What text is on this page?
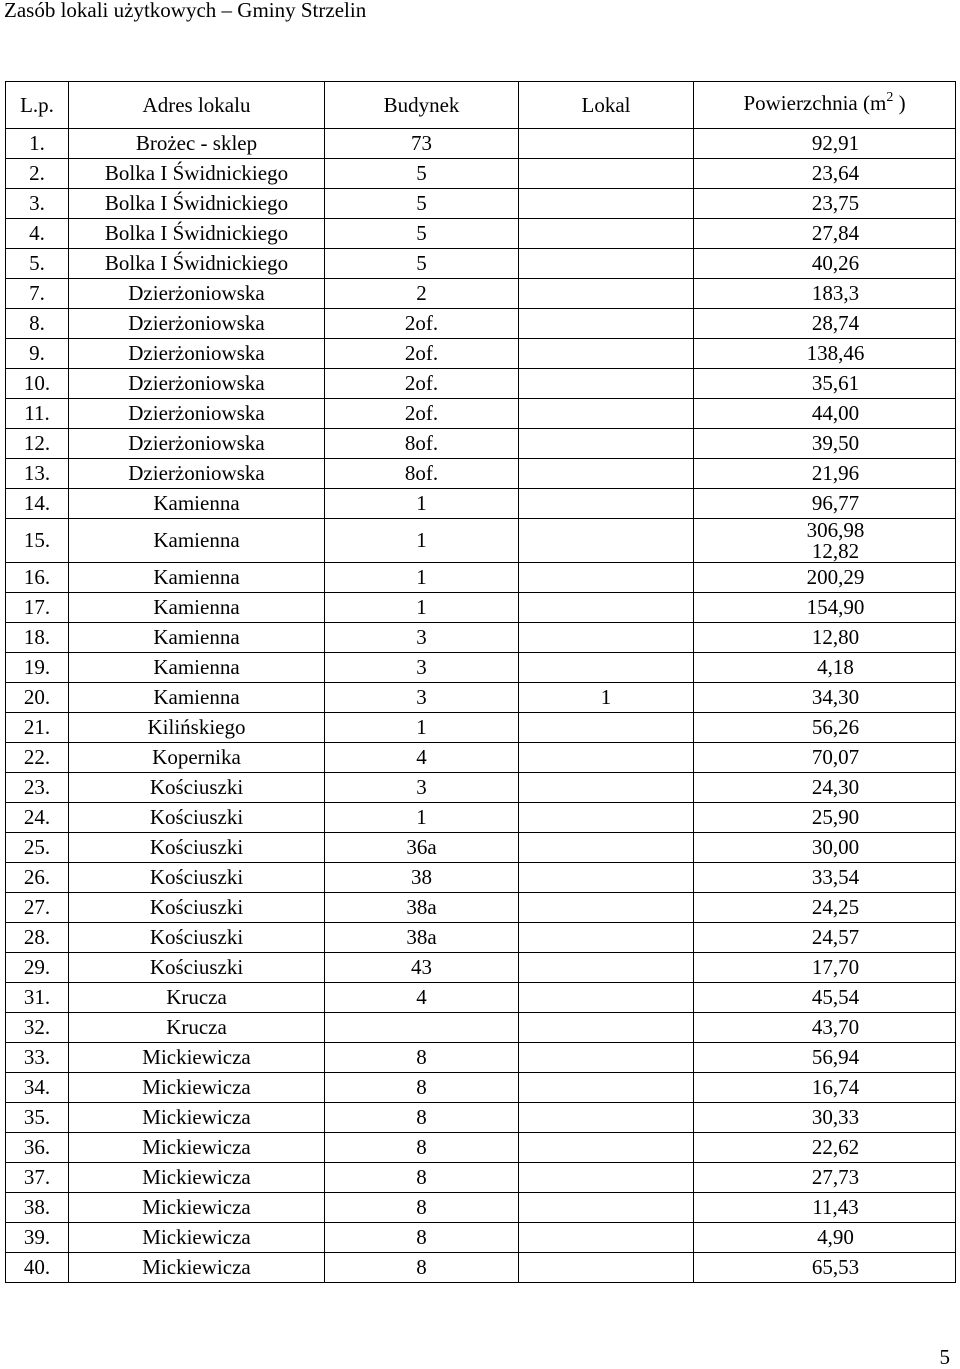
Zasób lokali użytkowych – Gminy Strzelin
L.p.	Adres lokalu	Budynek	Lokal	Powierzchnia ($m^2$ )
1.	Brożec - sklep	73		92,91
2.	Bolka I Świdnickiego	5		23,64
3.	Bolka I Świdnickiego	5		23,75
4.	Bolka I Świdnickiego	5		27,84
5.	Bolka I Świdnickiego	5		40,26
7.	Dzierżoniowska	2		183,3
8.	Dzierżoniowska	2of.		28,74
9.	Dzierżoniowska	2of.		138,46
10.	Dzierżoniowska	2of.		35,61
11.	Dzierżoniowska	2of.		44,00
12.	Dzierżoniowska	8of.		39,50
13.	Dzierżoniowska	8of.		21,96
14.	Kamienna	1		96,77
15.	Kamienna	1		306,98
12,82

16.	Kamienna	1		200,29
17.	Kamienna	1		154,90
18.	Kamienna	3		12,80
19.	Kamienna	3		4,18
20.	Kamienna	3	1	34,30
21.	Kilińskiego	1		56,26
22.	Kopernika	4		70,07
23.	Kościuszki	3		24,30
24.	Kościuszki	1		25,90
25.	Kościuszki	36a		30,00
26.	Kościuszki	38		33,54
27.	Kościuszki	38a		24,25
28.	Kościuszki	38a		24,57
29.	Kościuszki	43		17,70
31.	Krucza	4		45,54
32.	Krucza			43,70
33.	Mickiewicza	8		56,94
34.	Mickiewicza	8		16,74
35.	Mickiewicza	8		30,33
36.	Mickiewicza	8		22,62
37.	Mickiewicza	8		27,73
38.	Mickiewicza	8		11,43
39.	Mickiewicza	8		4,90
40.	Mickiewicza	8		65,53
5
